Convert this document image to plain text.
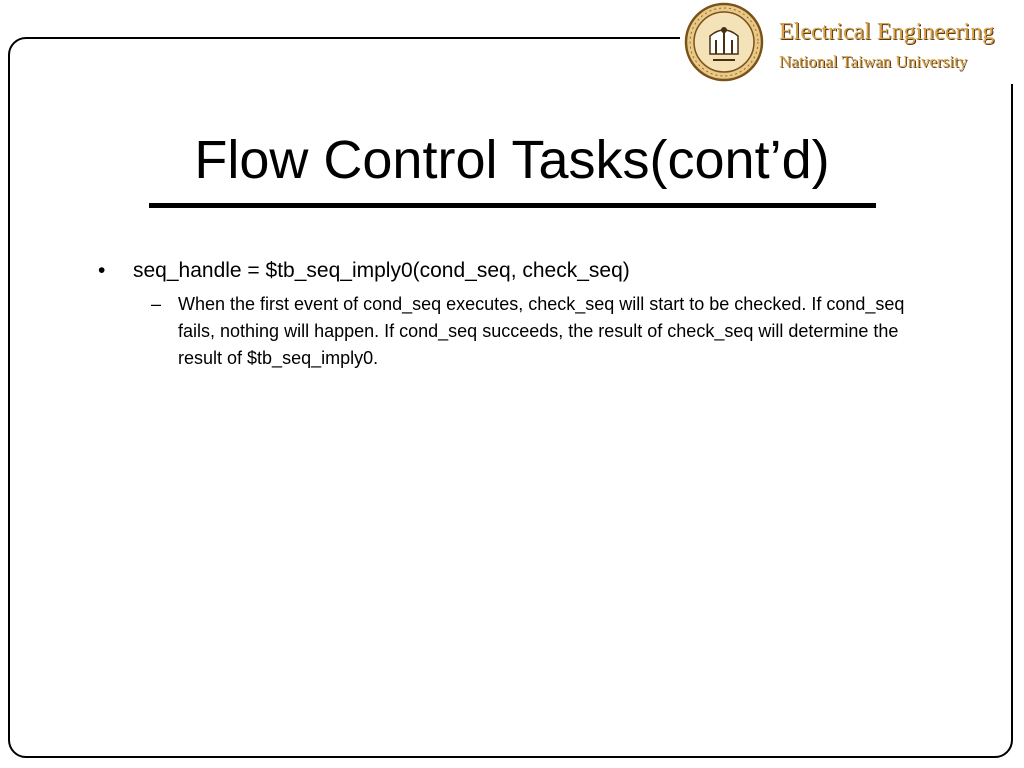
Electrical Engineering
National Taiwan University
Flow Control Tasks(cont’d)
• seq_handle = $tb_seq_imply0(cond_seq, check_seq)
– When the first event of cond_seq executes, check_seq will start to be checked. If cond_seq fails, nothing will happen. If cond_seq succeeds, the result of check_seq will determine the result of $tb_seq_imply0.
